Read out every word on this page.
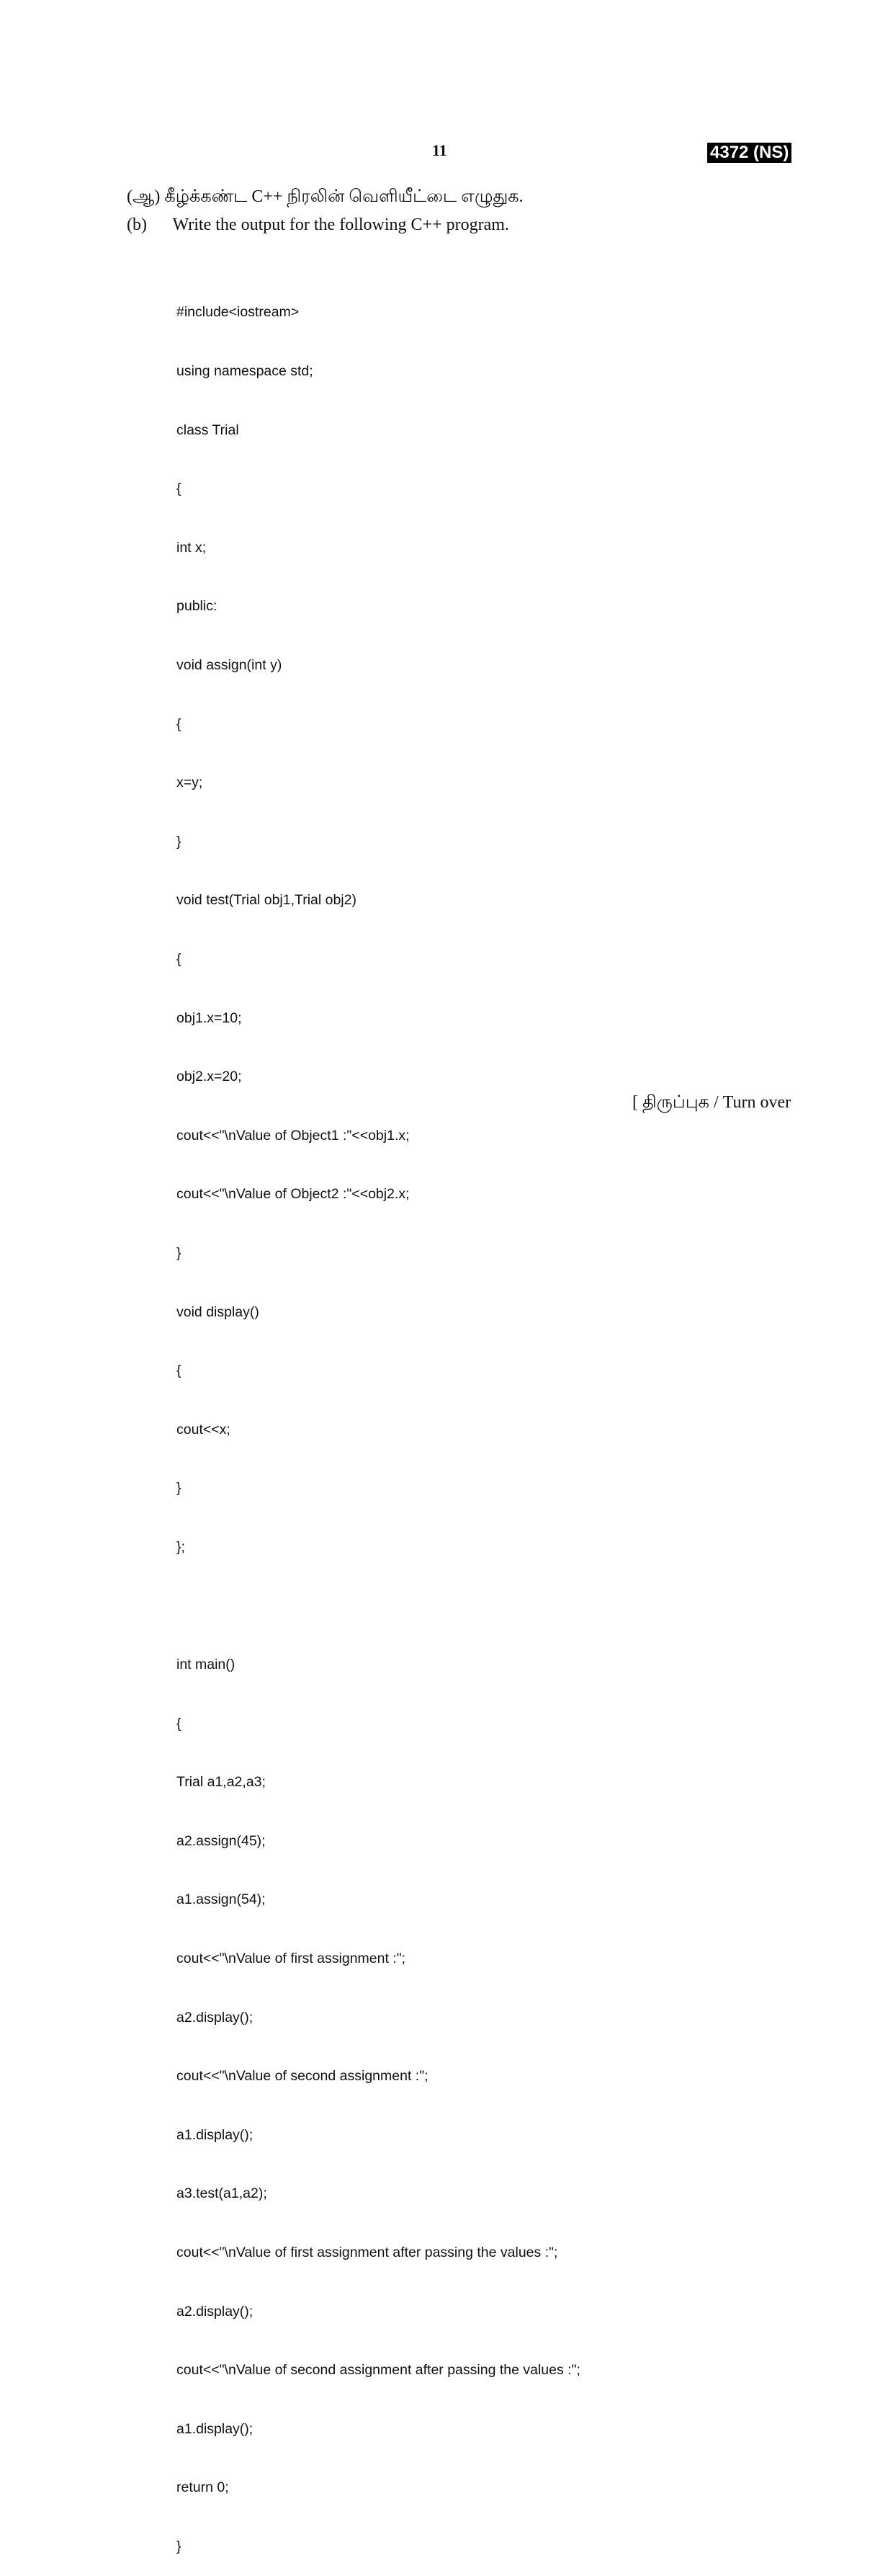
11	4372 (NS)
(ஆ) கீழ்க்கண்ட C++ நிரலின் வெளியீட்டை எழுதுக.
(b) Write the output for the following C++ program.

#include<iostream>

using namespace std;

class Trial

{

int x;

public:

void assign(int y)

{

x=y;

}

void test(Trial obj1,Trial obj2)

{

obj1.x=10;

obj2.x=20;

cout<<"\nValue of Object1 :"<<obj1.x;

cout<<"\nValue of Object2 :"<<obj2.x;

}

void display()

{

cout<<x;

}

};

int main()

{

Trial a1,a2,a3;

a2.assign(45);

a1.assign(54);

cout<<"\nValue of first assignment :";

a2.display();

cout<<"\nValue of second assignment :";

a1.display();

a3.test(a1,a2);

cout<<"\nValue of first assignment after passing the values :";

a2.display();

cout<<"\nValue of second assignment after passing the values :";

a1.display();

return 0;

}

[ திருப்புக / Turn over
